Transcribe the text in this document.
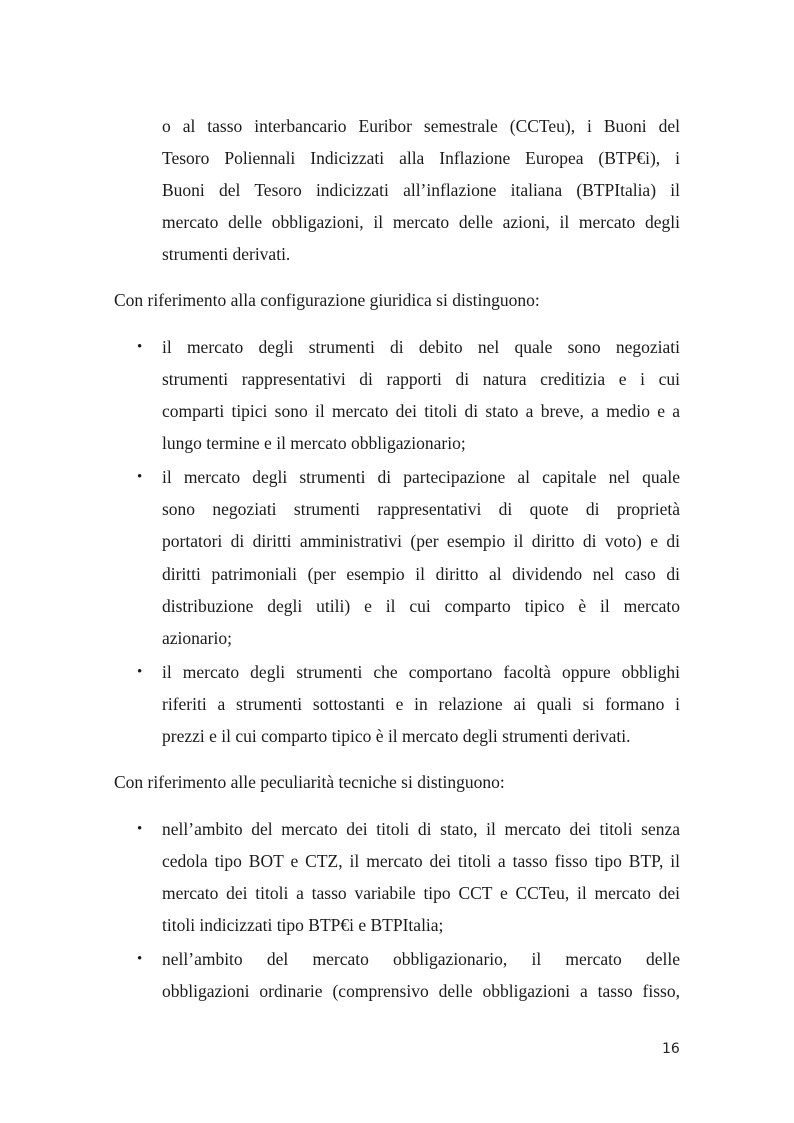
o al tasso interbancario Euribor semestrale (CCTeu), i Buoni del
Tesoro Poliennali Indicizzati alla Inflazione Europea (BTP€i), i
Buoni del Tesoro indicizzati all’inflazione italiana (BTPItalia) il
mercato delle obbligazioni, il mercato delle azioni, il mercato degli
strumenti derivati.
Con riferimento alla configurazione giuridica si distinguono:
• il mercato degli strumenti di debito nel quale sono negoziati
strumenti rappresentativi di rapporti di natura creditizia e i cui
comparti tipici sono il mercato dei titoli di stato a breve, a medio e a
lungo termine e il mercato obbligazionario;
• il mercato degli strumenti di partecipazione al capitale nel quale
sono negoziati strumenti rappresentativi di quote di proprietà
portatori di diritti amministrativi (per esempio il diritto di voto) e di
diritti patrimoniali (per esempio il diritto al dividendo nel caso di
distribuzione degli utili) e il cui comparto tipico è il mercato
azionario;
• il mercato degli strumenti che comportano facoltà oppure obblighi
riferiti a strumenti sottostanti e in relazione ai quali si formano i
prezzi e il cui comparto tipico è il mercato degli strumenti derivati.
Con riferimento alle peculiarità tecniche si distinguono:
• nell’ambito del mercato dei titoli di stato, il mercato dei titoli senza
cedola tipo BOT e CTZ, il mercato dei titoli a tasso fisso tipo BTP, il
mercato dei titoli a tasso variabile tipo CCT e CCTeu, il mercato dei
titoli indicizzati tipo BTP€i e BTPItalia;
• nell’ambito del mercato obbligazionario, il mercato delle
obbligazioni ordinarie (comprensivo delle obbligazioni a tasso fisso,
16
